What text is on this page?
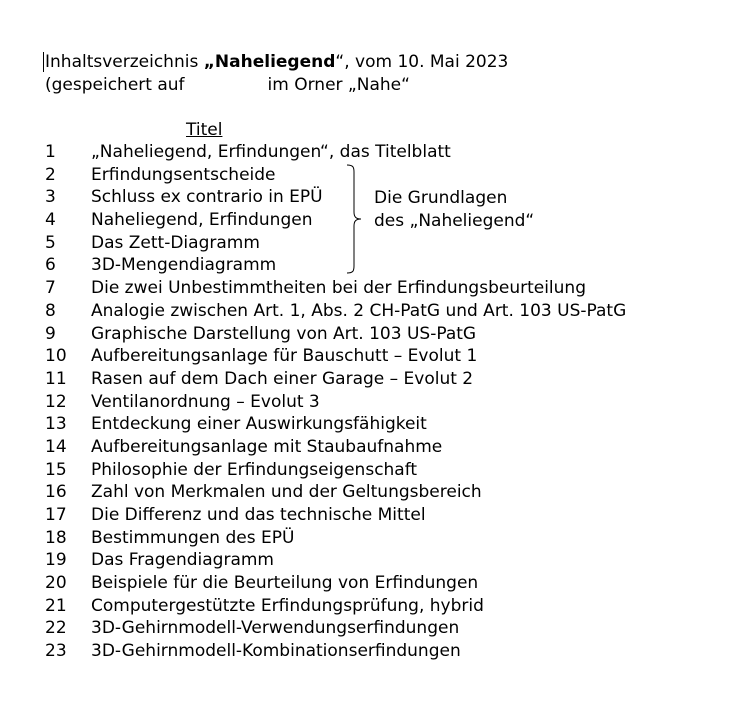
Inhaltsverzeichnis „Naheliegend“, vom 10. Mai 2023
(gespeichert auf	im Orner „Nahe“
Titel
1 „Naheliegend, Erfindungen“, das Titelblatt
2 Erfindungsentscheide
3 Schluss ex contrario in EPÜ
4 Naheliegend, Erfindungen
5 Das Zett-Diagramm
6 3D-Mengendiagramm
7 Die zwei Unbestimmtheiten bei der Erfindungsbeurteilung
8 Analogie zwischen Art. 1, Abs. 2 CH-PatG und Art. 103 US-PatG
9 Graphische Darstellung von Art. 103 US-PatG
10 Aufbereitungsanlage für Bauschutt – Evolut 1
11 Rasen auf dem Dach einer Garage – Evolut 2
12 Ventilanordnung – Evolut 3
13 Entdeckung einer Auswirkungsfähigkeit
14 Aufbereitungsanlage mit Staubaufnahme
15 Philosophie der Erfindungseigenschaft
16 Zahl von Merkmalen und der Geltungsbereich
17 Die Differenz und das technische Mittel
18 Bestimmungen des EPÜ
19 Das Fragendiagramm
20 Beispiele für die Beurteilung von Erfindungen
21 Computergestützte Erfindungsprüfung, hybrid
22 3D-Gehirnmodell-Verwendungserfindungen
23 3D-Gehirnmodell-Kombinationserfindungen
Die Grundlagen
des „Naheliegend“
